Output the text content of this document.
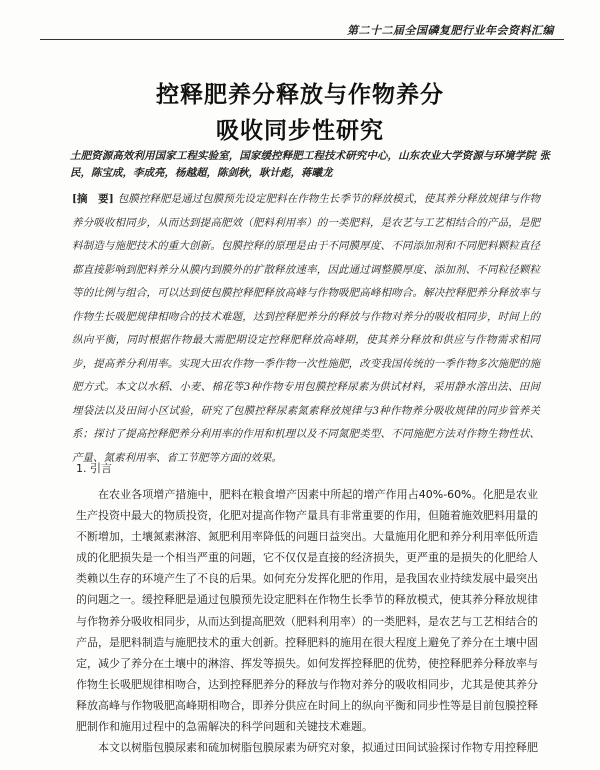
第二十二届全国磷复肥行业年会资料汇编
控释肥养分释放与作物养分
吸收同步性研究
土肥资源高效利用国家工程实验室，国家缓控释肥工程技术研究中心，山东农业大学资源与环境学院 张民，陈宝成，李成亮，杨越超，陈剑秋，耿计彪，蒋曦龙
[摘　要] 包膜控释肥是通过包膜预先设定肥料在作物生长季节的释放模式，使其养分释放规律与作物养分吸收相同步，从而达到提高肥效（肥料利用率）的一类肥料，是农艺与工艺相结合的产品，是肥料制造与施肥技术的重大创新。包膜控释的原理是由于不同膜厚度、不同添加剂和不同肥料颗粒直径都直接影响到肥料养分从膜内到膜外的扩散释放速率，因此通过调整膜厚度、添加剂、不同粒径颗粒等的比例与组合，可以达到使包膜控释肥释放高峰与作物吸肥高峰相吻合。解决控释肥养分释放率与作物生长吸肥规律相吻合的技术难题，达到控释肥养分的释放与作物对养分的吸收相同步，时间上的纵向平衡，同时根据作物最大需肥期设定控释肥释放高峰期，使其养分释放和供应与作物需求相同步，提高养分利用率。实现大田农作物一季作物一次性施肥，改变我国传统的一季作物多次施肥的施肥方式。本文以水稻、小麦、棉花等3种作物专用包膜控释尿素为供试材料，采用静水溶出法、田间埋袋法以及田间小区试验，研究了包膜控释尿素氮素释放规律与3种作物养分吸收规律的同步管养关系；探讨了提高控释肥养分利用率的作用和机理以及不同氮肥类型、不同施肥方法对作物生物性状、产量、氮素利用率、省工节肥等方面的效果。
1. 引言

在农业各项增产措施中，肥料在粮食增产因素中所起的增产作用占40%-60%。化肥是农业生产投资中最大的物质投资，化肥对提高作物产量具有非常重要的作用，但随着施效肥料用量的不断增加，土壤氮素淋溶、氮肥利用率降低的问题日益突出。大量施用化肥和养分利用率低所造成的化肥损失是一个相当严重的问题，它不仅仅是直接的经济损失，更严重的是损失的化肥给人类赖以生存的环境产生了不良的后果。如何充分发挥化肥的作用，是我国农业持续发展中最突出的问题之一。缓控释肥是通过包膜预先设定肥料在作物生长季节的释放模式，使其养分释放规律与作物养分吸收相同步，从而达到提高肥效（肥料利用率）的一类肥料，是农艺与工艺相结合的产品，是肥料制造与施肥技术的重大创新。控释肥料的施用在很大程度上避免了养分在土壤中固定，减少了养分在土壤中的淋溶、挥发等损失。如何发挥控释肥的优势，使控释肥养分释放率与作物生长吸肥规律相吻合，达到控释肥养分的释放与作物对养分的吸收相同步，尤其是使其养分释放高峰与作物吸肥高峰期相吻合，即养分供应在时间上的纵向平衡和同步性等是目前包膜控释肥制作和施用过程中的急需解决的科学问题和关键技术难题。

本文以树脂包膜尿素和硫加树脂包膜尿素为研究对象，拟通过田间试验探讨作物专用控释肥
